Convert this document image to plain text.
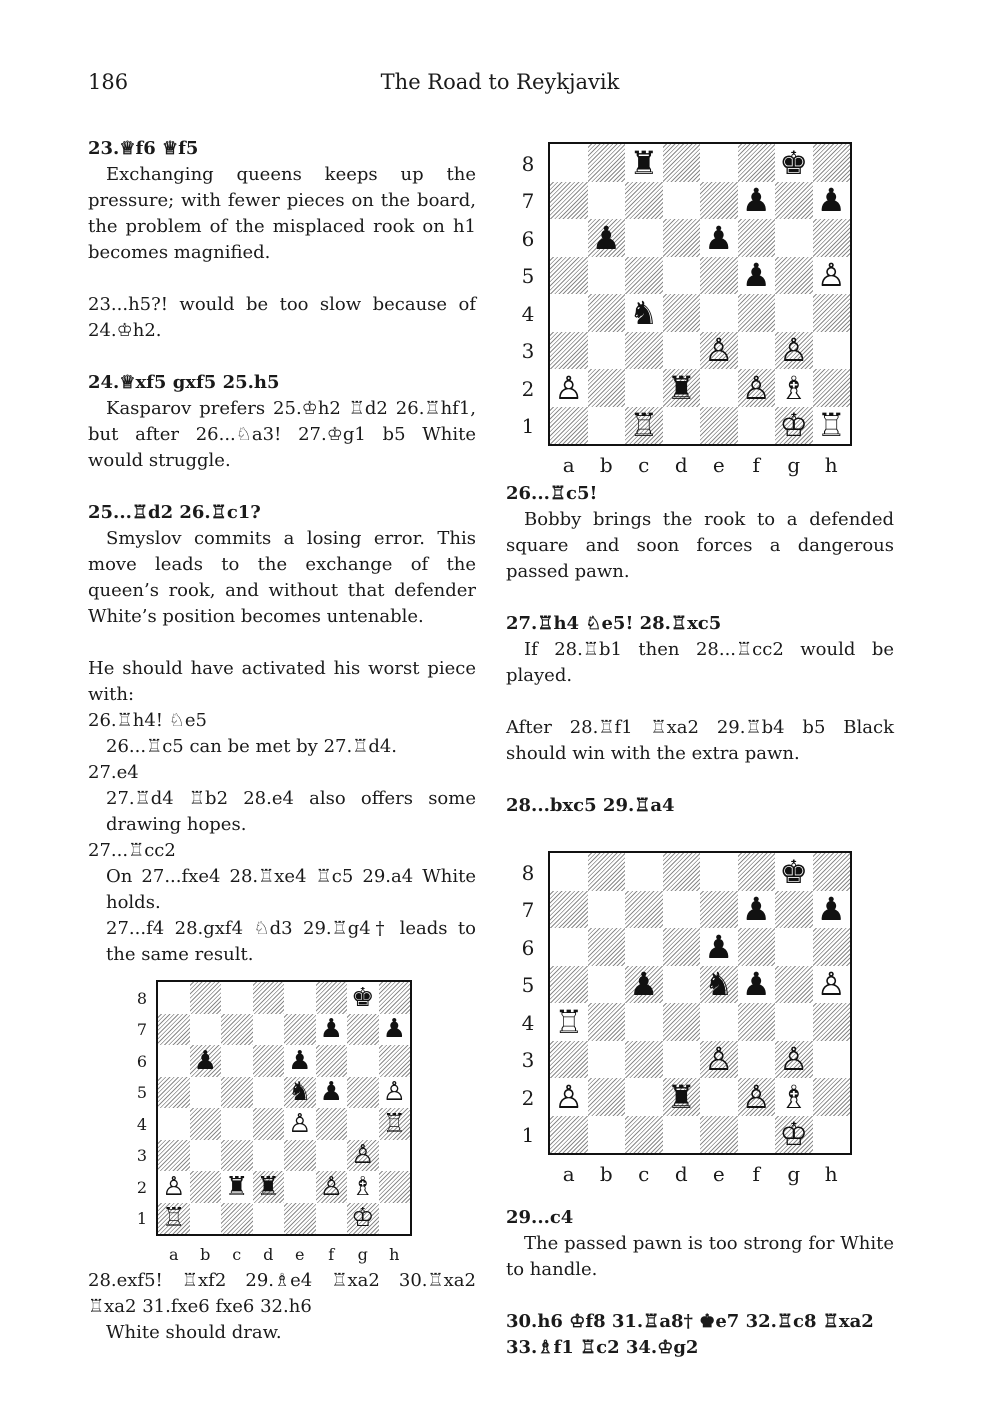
186	The Road to Reykjavik

23.♕f6 ♕f5

Exchanging queens keeps up the pressure; with fewer pieces on the board, the problem of the misplaced rook on h1 becomes magnified.

23...h5?! would be too slow because of 24.♔h2.

24.♕xf5 gxf5 25.h5

Kasparov prefers 25.♔h2 ♖d2 26.♖hf1, but after 26...♘a3! 27.♔g1 b5 White would struggle.

25...♖d2 26.♖c1?

Smyslov commits a losing error. This move leads to the exchange of the queen’s rook, and without that defender White’s position becomes untenable.

He should have activated his worst piece with:

26.♖h4! ♘e5

26...♖c5 can be met by 27.♖d4.

27.e4

27.♖d4 ♖b2 28.e4 also offers some drawing hopes.

27...♖cc2

On 27...fxe4 28.♖xe4 ♖c5 29.a4 White holds.

27...f4 28.gxf4 ♘d3 29.♖g4† leads to the same result.

♚
♟ ♟
♟	♟
♞ ♟ ♙
♙	♖
♙
♙ ♜ ♜ ♙ ♗
♖	♔
8
7
6
5
4
3
2
1
a	b	c	d	e	f	g	h

28.exf5! ♖xf2 29.♗e4 ♖xa2 30.♖xa2 ♖xa2 31.fxe6 fxe6 32.h6

White should draw.

♜	♚
♟ ♟
♟	♟
♟ ♙
♞
♙ ♙
♙	♜ ♙ ♗
♖	♔ ♖
8
7
6
5
4
3
2
1
a	b	c	d	e	f	g	h

26...♖c5!

Bobby brings the rook to a defended square and soon forces a dangerous passed pawn.

27.♖h4 ♘e5! 28.♖xc5

If 28.♖b1 then 28...♖cc2 would be played.

After 28.♖f1 ♖xa2 29.♖b4 b5 Black should win with the extra pawn.

28...bxc5 29.♖a4

♚
♟ ♟
♟
♟ ♞ ♟ ♙
♖
♙ ♙
♙	♜ ♙ ♗
♔
8
7
6
5
4
3
2
1
a	b	c	d	e	f	g	h

29...c4

The passed pawn is too strong for White to handle.

30.h6 ♔f8 31.♖a8† ♚e7 32.♖c8 ♖xa2 33.♗f1 ♖c2 34.♔g2
